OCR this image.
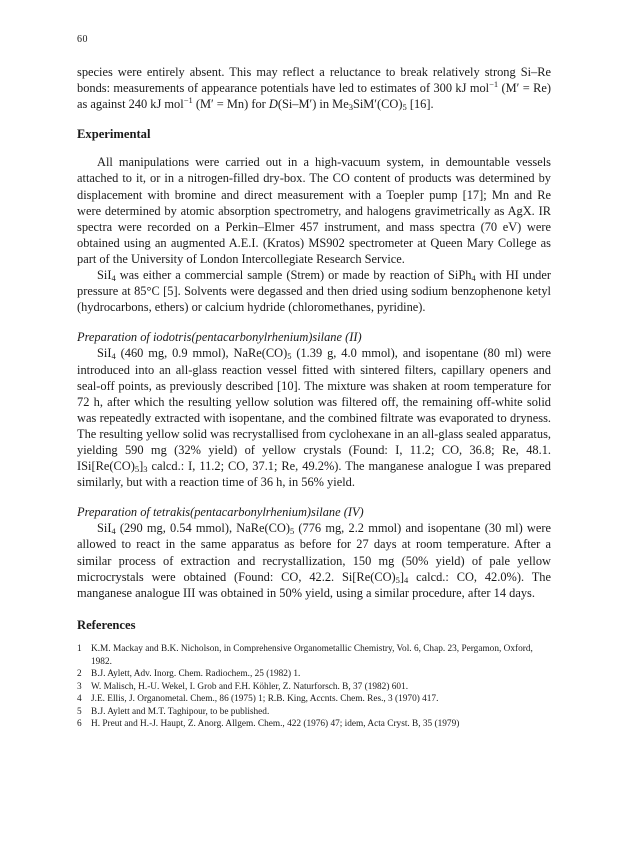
60

species were entirely absent. This may reflect a reluctance to break relatively strong Si–Re bonds: measurements of appearance potentials have led to estimates of 300 kJ mol$^{-1}$ (M′ = Re) as against 240 kJ mol$^{-1}$ (M′ = Mn) for D(Si–M′) in $Me_3SiM'(CO)_5$ [16].

Experimental

All manipulations were carried out in a high-vacuum system, in demountable vessels attached to it, or in a nitrogen-filled dry-box. The CO content of products was determined by displacement with bromine and direct measurement with a Toepler pump [17]; Mn and Re were determined by atomic absorption spectrometry, and halogens gravimetrically as AgX. IR spectra were recorded on a Perkin–Elmer 457 instrument, and mass spectra (70 eV) were obtained using an augmented A.E.I. (Kratos) MS902 spectrometer at Queen Mary College as part of the University of London Intercollegiate Research Service.

SiI$_4$ was either a commercial sample (Strem) or made by reaction of SiPh$_4$ with HI under pressure at 85°C [5]. Solvents were degassed and then dried using sodium benzophenone ketyl (hydrocarbons, ethers) or calcium hydride (chloromethanes, pyridine).

Preparation of iodotris(pentacarbonylrhenium)silane (II)

SiI$_4$ (460 mg, 0.9 mmol), $NaRe(CO)_5$ (1.39 g, 4.0 mmol), and isopentane (80 ml) were introduced into an all-glass reaction vessel fitted with sintered filters, capillary openers and seal-off points, as previously described [10]. The mixture was shaken at room temperature for 72 h, after which the resulting yellow solution was filtered off, the remaining off-white solid was repeatedly extracted with isopentane, and the combined filtrate was evaporated to dryness. The resulting yellow solid was recrystallised from cyclohexane in an all-glass sealed apparatus, yielding 590 mg (32% yield) of yellow crystals (Found: I, 11.2; CO, 36.8; Re, 48.1. $ISi[Re(CO)_5]_3$ calcd.: I, 11.2; CO, 37.1; Re, 49.2%). The manganese analogue I was prepared similarly, but with a reaction time of 36 h, in 56% yield.

Preparation of tetrakis(pentacarbonylrhenium)silane (IV)

SiI$_4$ (290 mg, 0.54 mmol), $NaRe(CO)_5$ (776 mg, 2.2 mmol) and isopentane (30 ml) were allowed to react in the same apparatus as before for 27 days at room temperature. After a similar process of extraction and recrystallization, 150 mg (50% yield) of pale yellow microcrystals were obtained (Found: CO, 42.2. $Si[Re(CO)_5]_4$ calcd.: CO, 42.0%). The manganese analogue III was obtained in 50% yield, using a similar procedure, after 14 days.

References
1 K.M. Mackay and B.K. Nicholson, in Comprehensive Organometallic Chemistry, Vol. 6, Chap. 23, Pergamon, Oxford, 1982.
2 B.J. Aylett, Adv. Inorg. Chem. Radiochem., 25 (1982) 1.
3 W. Malisch, H.-U. Wekel, I. Grob and F.H. Köhler, Z. Naturforsch. B, 37 (1982) 601.
4 J.E. Ellis, J. Organometal. Chem., 86 (1975) 1; R.B. King, Accnts. Chem. Res., 3 (1970) 417.
5 B.J. Aylett and M.T. Taghipour, to be published.
6 H. Preut and H.-J. Haupt, Z. Anorg. Allgem. Chem., 422 (1976) 47; idem, Acta Cryst. B, 35 (1979)
